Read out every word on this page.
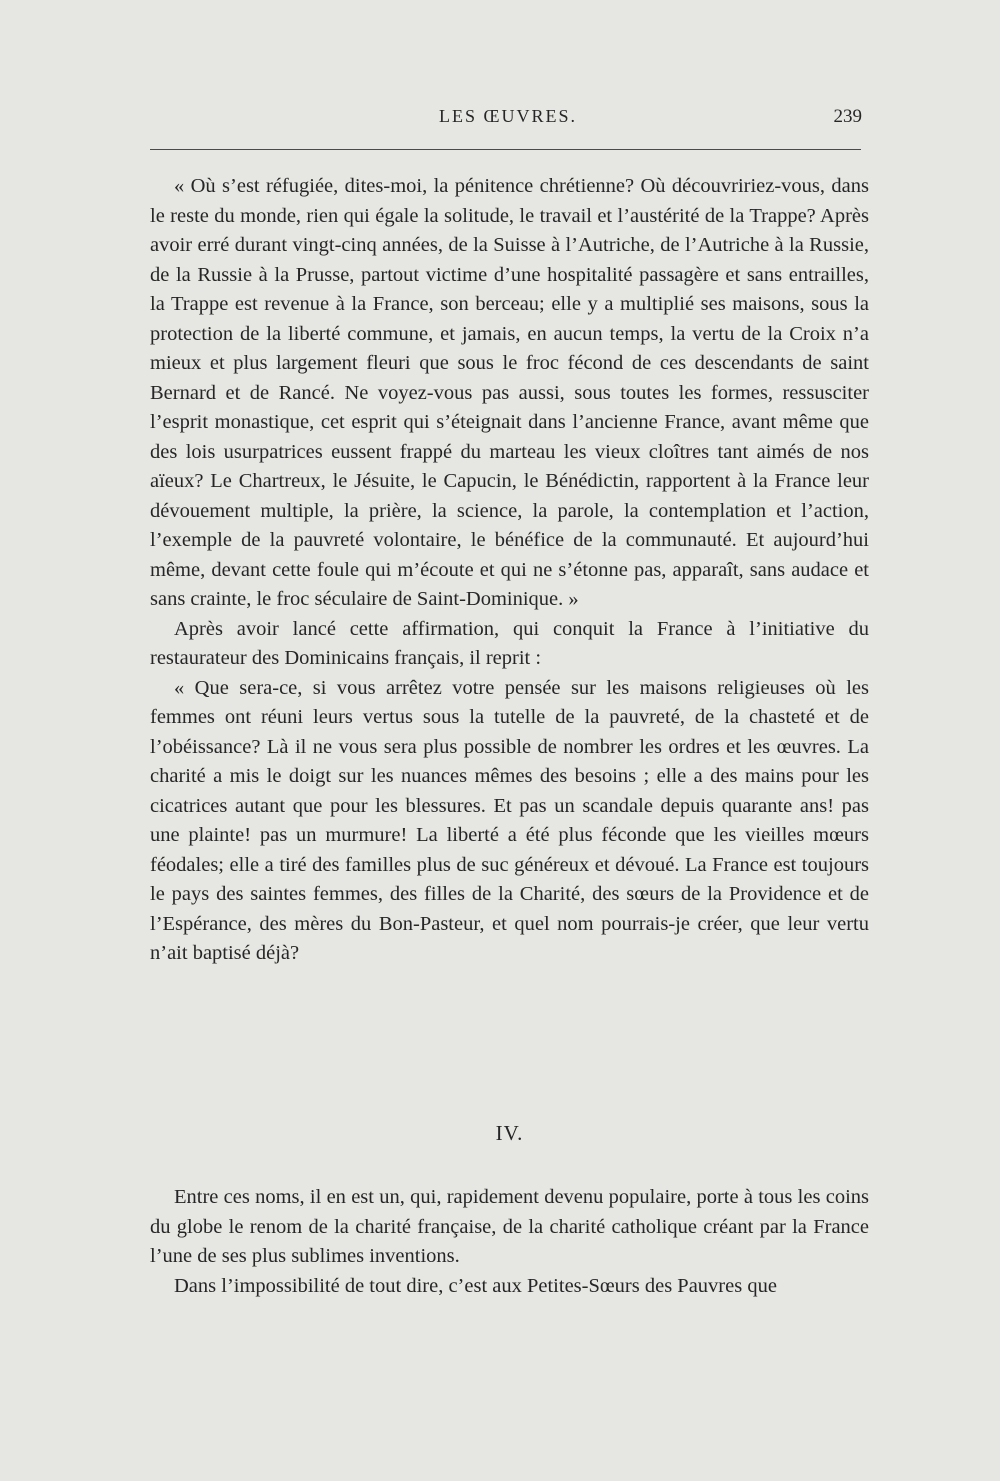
LES ŒUVRES.	239

« Où s’est réfugiée, dites-moi, la pénitence chrétienne? Où découvririez-vous, dans le reste du monde, rien qui égale la solitude, le travail et l’austérité de la Trappe? Après avoir erré durant vingt-cinq années, de la Suisse à l’Autriche, de l’Autriche à la Russie, de la Russie à la Prusse, partout victime d’une hospitalité passagère et sans entrailles, la Trappe est revenue à la France, son berceau; elle y a multiplié ses maisons, sous la protection de la liberté commune, et jamais, en aucun temps, la vertu de la Croix n’a mieux et plus largement fleuri que sous le froc fécond de ces descendants de saint Bernard et de Rancé. Ne voyez-vous pas aussi, sous toutes les formes, ressusciter l’esprit monastique, cet esprit qui s’éteignait dans l’ancienne France, avant même que des lois usurpatrices eussent frappé du marteau les vieux cloîtres tant aimés de nos aïeux? Le Chartreux, le Jésuite, le Capucin, le Bénédictin, rapportent à la France leur dévouement multiple, la prière, la science, la parole, la contemplation et l’action, l’exemple de la pauvreté volontaire, le bénéfice de la communauté. Et aujourd’hui même, devant cette foule qui m’écoute et qui ne s’étonne pas, apparaît, sans audace et sans crainte, le froc séculaire de Saint-Dominique. »

Après avoir lancé cette affirmation, qui conquit la France à l’initiative du restaurateur des Dominicains français, il reprit :

« Que sera-ce, si vous arrêtez votre pensée sur les maisons religieuses où les femmes ont réuni leurs vertus sous la tutelle de la pauvreté, de la chasteté et de l’obéissance? Là il ne vous sera plus possible de nombrer les ordres et les œuvres. La charité a mis le doigt sur les nuances mêmes des besoins ; elle a des mains pour les cicatrices autant que pour les blessures. Et pas un scandale depuis quarante ans! pas une plainte! pas un murmure! La liberté a été plus féconde que les vieilles mœurs féodales; elle a tiré des familles plus de suc généreux et dévoué. La France est toujours le pays des saintes femmes, des filles de la Charité, des sœurs de la Providence et de l’Espérance, des mères du Bon-Pasteur, et quel nom pourrais-je créer, que leur vertu n’ait baptisé déjà?

IV.

Entre ces noms, il en est un, qui, rapidement devenu populaire, porte à tous les coins du globe le renom de la charité française, de la charité catholique créant par la France l’une de ses plus sublimes inventions.

Dans l’impossibilité de tout dire, c’est aux Petites-Sœurs des Pauvres que
